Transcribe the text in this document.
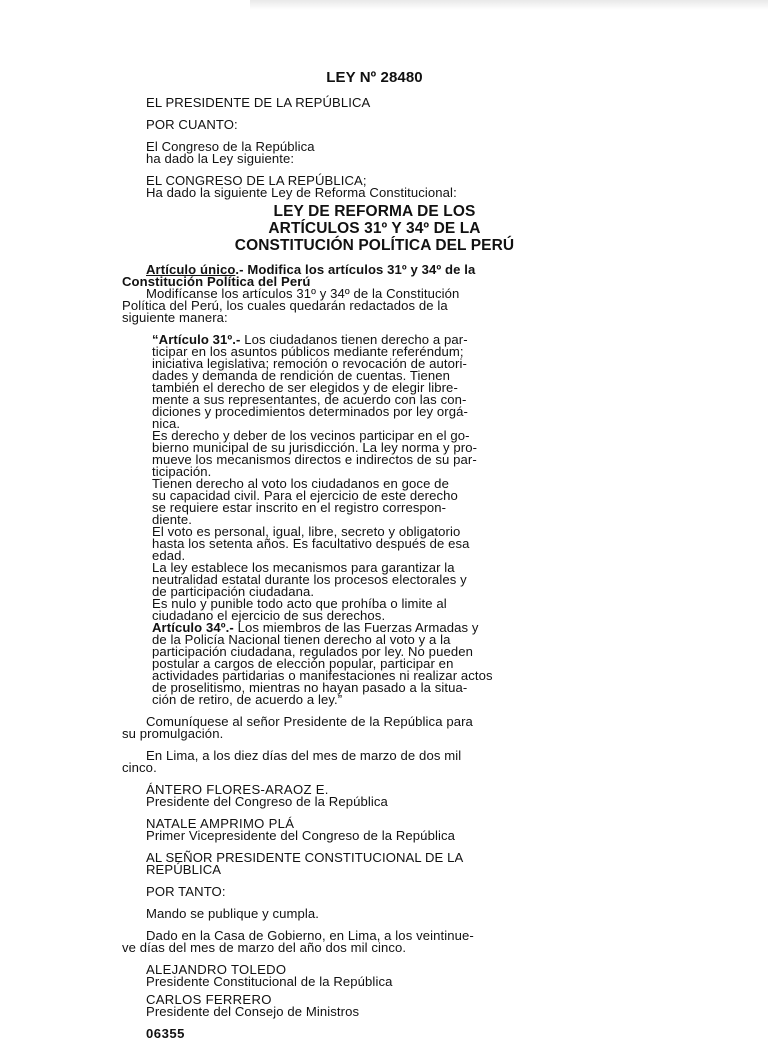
LEY Nº 28480

EL PRESIDENTE DE LA REPÚBLICA

POR CUANTO:

El Congreso de la República

ha dado la Ley siguiente:

EL CONGRESO DE LA REPÚBLICA;

Ha dado la siguiente Ley de Reforma Constitucional:

LEY DE REFORMA DE LOS
ARTÍCULOS 31º Y 34º DE LA
CONSTITUCIÓN POLÍTICA DEL PERÚ

Artículo único.- Modifica los artículos 31º y 34º de la

Constitución Política del Perú

Modifícanse los artículos 31º y 34º de la Constitución

Política del Perú, los cuales quedarán redactados de la

siguiente manera:

“Artículo 31º.- Los ciudadanos tienen derecho a par-

ticipar en los asuntos públicos mediante referéndum;

iniciativa legislativa; remoción o revocación de autori-

dades y demanda de rendición de cuentas. Tienen

también el derecho de ser elegidos y de elegir libre-

mente a sus representantes, de acuerdo con las con-

diciones y procedimientos determinados por ley orgá-

nica.

Es derecho y deber de los vecinos participar en el go-

bierno municipal de su jurisdicción. La ley norma y pro-

mueve los mecanismos directos e indirectos de su par-

ticipación.

Tienen derecho al voto los ciudadanos en goce de

su capacidad civil. Para el ejercicio de este derecho

se requiere estar inscrito en el registro correspon-

diente.

El voto es personal, igual, libre, secreto y obligatorio

hasta los setenta años. Es facultativo después de esa

edad.

La ley establece los mecanismos para garantizar la

neutralidad estatal durante los procesos electorales y

de participación ciudadana.

Es nulo y punible todo acto que prohíba o limite al

ciudadano el ejercicio de sus derechos.

Artículo 34º.- Los miembros de las Fuerzas Armadas y

de la Policía Nacional tienen derecho al voto y a la

participación ciudadana, regulados por ley. No pueden

postular a cargos de elección popular, participar en

actividades partidarias o manifestaciones ni realizar actos

de proselitismo, mientras no hayan pasado a la situa-

ción de retiro, de acuerdo a ley.”

Comuníquese al señor Presidente de la República para

su promulgación.

En Lima, a los diez días del mes de marzo de dos mil

cinco.

ÁNTERO FLORES-ARAOZ E.

Presidente del Congreso de la República

NATALE AMPRIMO PLÁ

Primer Vicepresidente del Congreso de la República

AL SEÑOR PRESIDENTE CONSTITUCIONAL DE LA

REPÚBLICA

POR TANTO:

Mando se publique y cumpla.

Dado en la Casa de Gobierno, en Lima, a los veintinue-

ve días del mes de marzo del año dos mil cinco.

ALEJANDRO TOLEDO

Presidente Constitucional de la República

CARLOS FERRERO

Presidente del Consejo de Ministros

06355
